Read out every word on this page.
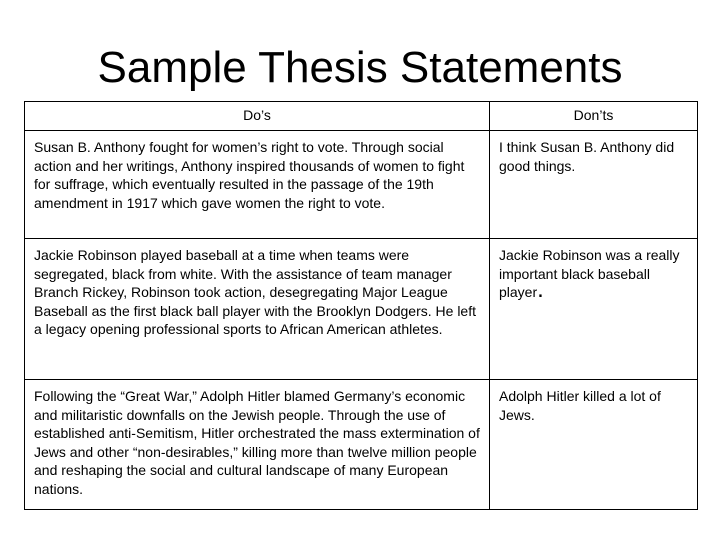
Sample Thesis Statements
Do’s	Don’ts
Susan B. Anthony fought for women’s right to vote. Through social action and her writings, Anthony inspired thousands of women to fight for suffrage, which eventually resulted in the passage of the 19th amendment in 1917 which gave women the right to vote.	I think Susan B. Anthony did good things.
Jackie Robinson played baseball at a time when teams were segregated, black from white. With the assistance of team manager Branch Rickey, Robinson took action, desegregating Major League Baseball as the first black ball player with the Brooklyn Dodgers. He left a legacy opening professional sports to African American athletes.	Jackie Robinson was a really important black baseball player.
Following the “Great War,” Adolph Hitler blamed Germany’s economic and militaristic downfalls on the Jewish people. Through the use of established anti-Semitism, Hitler orchestrated the mass extermination of Jews and other “non-desirables,” killing more than twelve million people and reshaping the social and cultural landscape of many European nations.	Adolph Hitler killed a lot of Jews.
